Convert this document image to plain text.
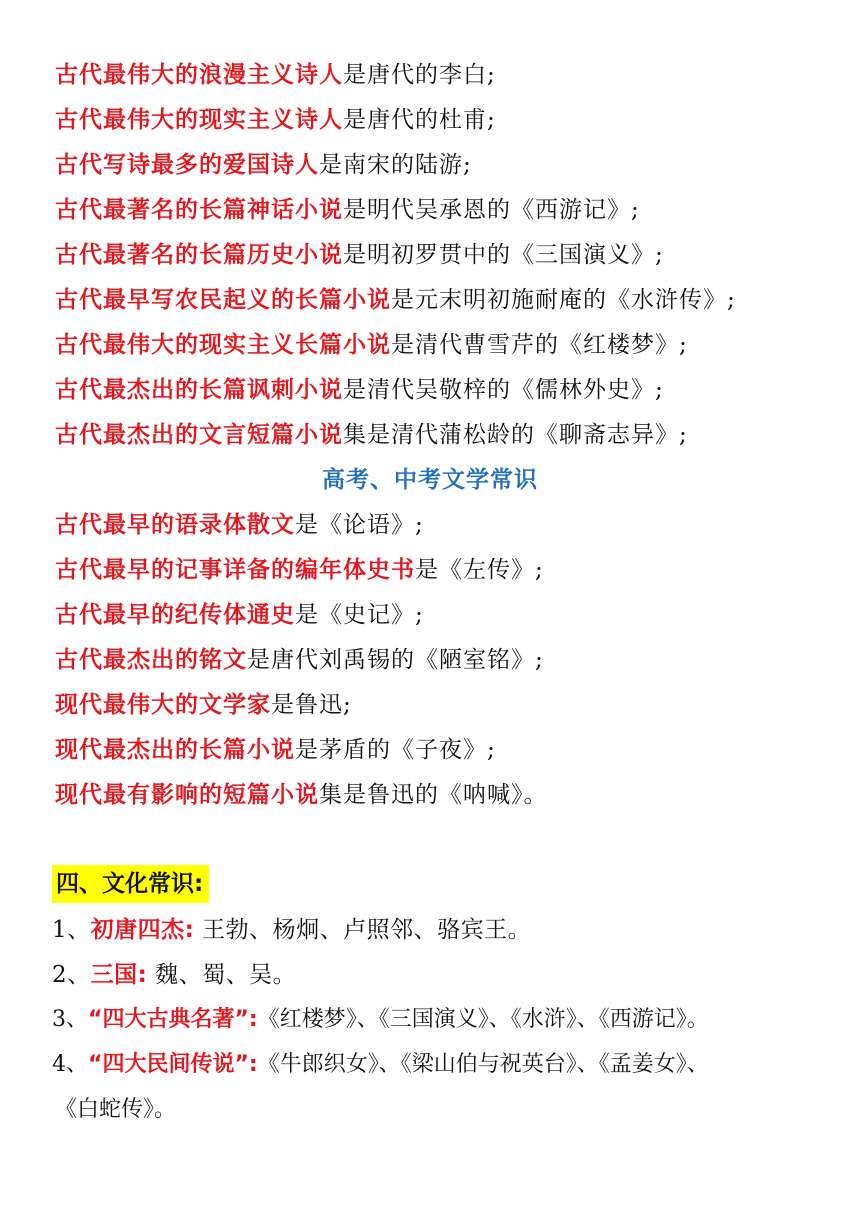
古代最伟大的浪漫主义诗人是唐代的李白;
古代最伟大的现实主义诗人是唐代的杜甫;
古代写诗最多的爱国诗人是南宋的陆游;
古代最著名的长篇神话小说是明代吴承恩的《西游记》;
古代最著名的长篇历史小说是明初罗贯中的《三国演义》;
古代最早写农民起义的长篇小说是元末明初施耐庵的《水浒传》;
古代最伟大的现实主义长篇小说是清代曹雪芹的《红楼梦》;
古代最杰出的长篇讽刺小说是清代吴敬梓的《儒林外史》;
古代最杰出的文言短篇小说集是清代蒲松龄的《聊斋志异》;
高考、中考文学常识
古代最早的语录体散文是《论语》;
古代最早的记事详备的编年体史书是《左传》;
古代最早的纪传体通史是《史记》;
古代最杰出的铭文是唐代刘禹锡的《陋室铭》;
现代最伟大的文学家是鲁迅;
现代最杰出的长篇小说是茅盾的《子夜》;
现代最有影响的短篇小说集是鲁迅的《呐喊》。
四、文化常识:
1、初唐四杰: 王勃、杨炯、卢照邻、骆宾王。
2、三国: 魏、蜀、吴。
3、“四大古典名著”:《红楼梦》、《三国演义》、《水浒》、《西游记》。
4、“四大民间传说”:《牛郎织女》、《梁山伯与祝英台》、《孟姜女》、
《白蛇传》。
